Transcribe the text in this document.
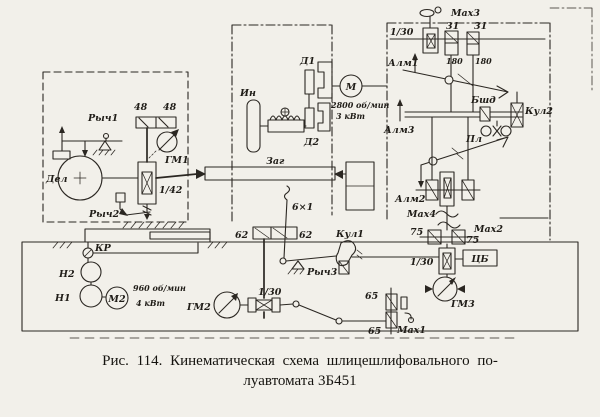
Рыч1
Дел
48 48
ГМ1
1/42
Рыч2
Ин
Д1
Д2
М
2800 об/мин
3 кВт
Заг
6×1
Мах3
1/30
31 31
180 180
Алм1
Бшд
Пл
Кул2
Алм3
Алм2
Мах4
75
75
Мах2
1/30	ЦБ
ГМ3
КР
Н2
Н1	М2
960 об/мин
4 кВт ГМ2
1/30
62	62
Рыч3
Кул1
65
65 Мах1
Рис. 114. Кинематическая схема шлицешлифовального по-
луавтомата 3Б451
